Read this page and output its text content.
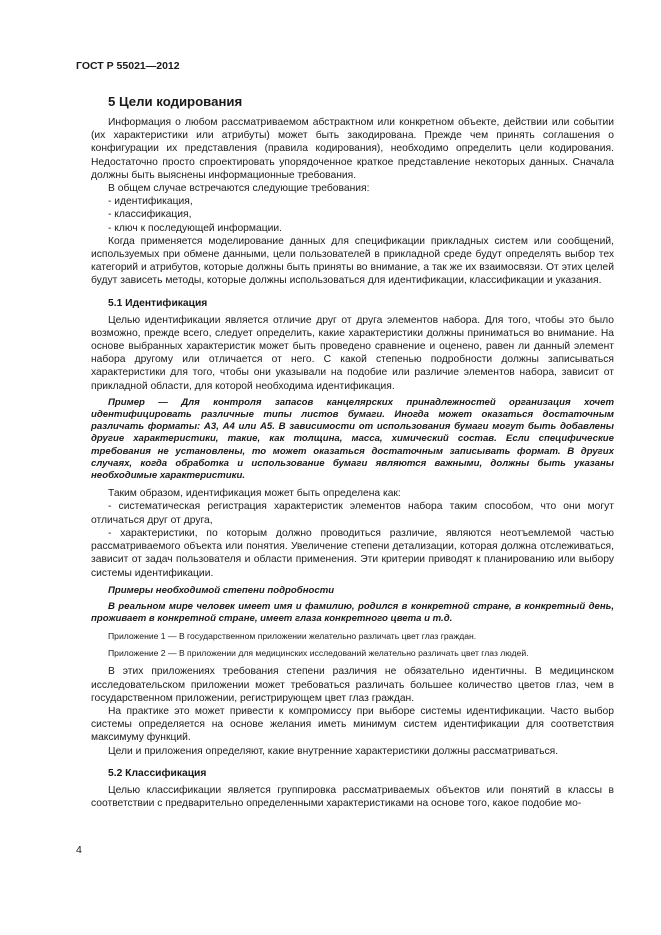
ГОСТ Р 55021—2012
5 Цели кодирования

Информация о любом рассматриваемом абстрактном или конкретном объекте, действии или событии (их характеристики или атрибуты) может быть закодирована. Прежде чем принять соглашения о конфигурации их представления (правила кодирования), необходимо определить цели кодирования. Недостаточно просто спроектировать упорядоченное краткое представление некоторых данных. Сначала должны быть выяснены информационные требования.

В общем случае встречаются следующие требования:

- идентификация,

- классификация,

- ключ к последующей информации.

Когда применяется моделирование данных для спецификации прикладных систем или сообщений, используемых при обмене данными, цели пользователей в прикладной среде будут определять выбор тех категорий и атрибутов, которые должны быть приняты во внимание, а так же их взаимосвязи. От этих целей будут зависеть методы, которые должны использоваться для идентификации, классификации и указания.

5.1 Идентификация

Целью идентификации является отличие друг от друга элементов набора. Для того, чтобы это было возможно, прежде всего, следует определить, какие характеристики должны приниматься во внимание. На основе выбранных характеристик может быть проведено сравнение и оценено, равен ли данный элемент набора другому или отличается от него. С какой степенью подробности должны записываться характеристики для того, чтобы они указывали на подобие или различие элементов набора, зависит от прикладной области, для которой необходима идентификация.

Пример — Для контроля запасов канцелярских принадлежностей организация хочет идентифицировать различные типы листов бумаги. Иногда может оказаться достаточным различать форматы: А3, А4 или А5. В зависимости от использования бумаги могут быть добавлены другие характеристики, такие, как толщина, масса, химический состав. Если специфические требования не установлены, то может оказаться достаточным записывать формат. В других случаях, когда обработка и использование бумаги являются важными, должны быть указаны необходимые характеристики.

Таким образом, идентификация может быть определена как:

- систематическая регистрация характеристик элементов набора таким способом, что они могут отличаться друг от друга,

- характеристики, по которым должно проводиться различие, являются неотъемлемой частью рассматриваемого объекта или понятия. Увеличение степени детализации, которая должна отслеживаться, зависит от задач пользователя и области применения. Эти критерии приводят к планированию или выбору системы идентификации.

Примеры необходимой степени подробности

В реальном мире человек имеет имя и фамилию, родился в конкретной стране, в конкретный день, проживает в конкретной стране, имеет глаза конкретного цвета и т.д.

Приложение 1 — В государственном приложении желательно различать цвет глаз граждан.

Приложение 2 — В приложении для медицинских исследований желательно различать цвет глаз людей.

В этих приложениях требования степени различия не обязательно идентичны. В медицинском исследовательском приложении может требоваться различать большее количество цветов глаз, чем в государственном приложении, регистрирующем цвет глаз граждан.

На практике это может привести к компромиссу при выборе системы идентификации. Часто выбор системы определяется на основе желания иметь минимум систем идентификации для соответствия максимуму функций.

Цели и приложения определяют, какие внутренние характеристики должны рассматриваться.

5.2 Классификация

Целью классификации является группировка рассматриваемых объектов или понятий в классы в соответствии с предварительно определенными характеристиками на основе того, какое подобие мо-

4
